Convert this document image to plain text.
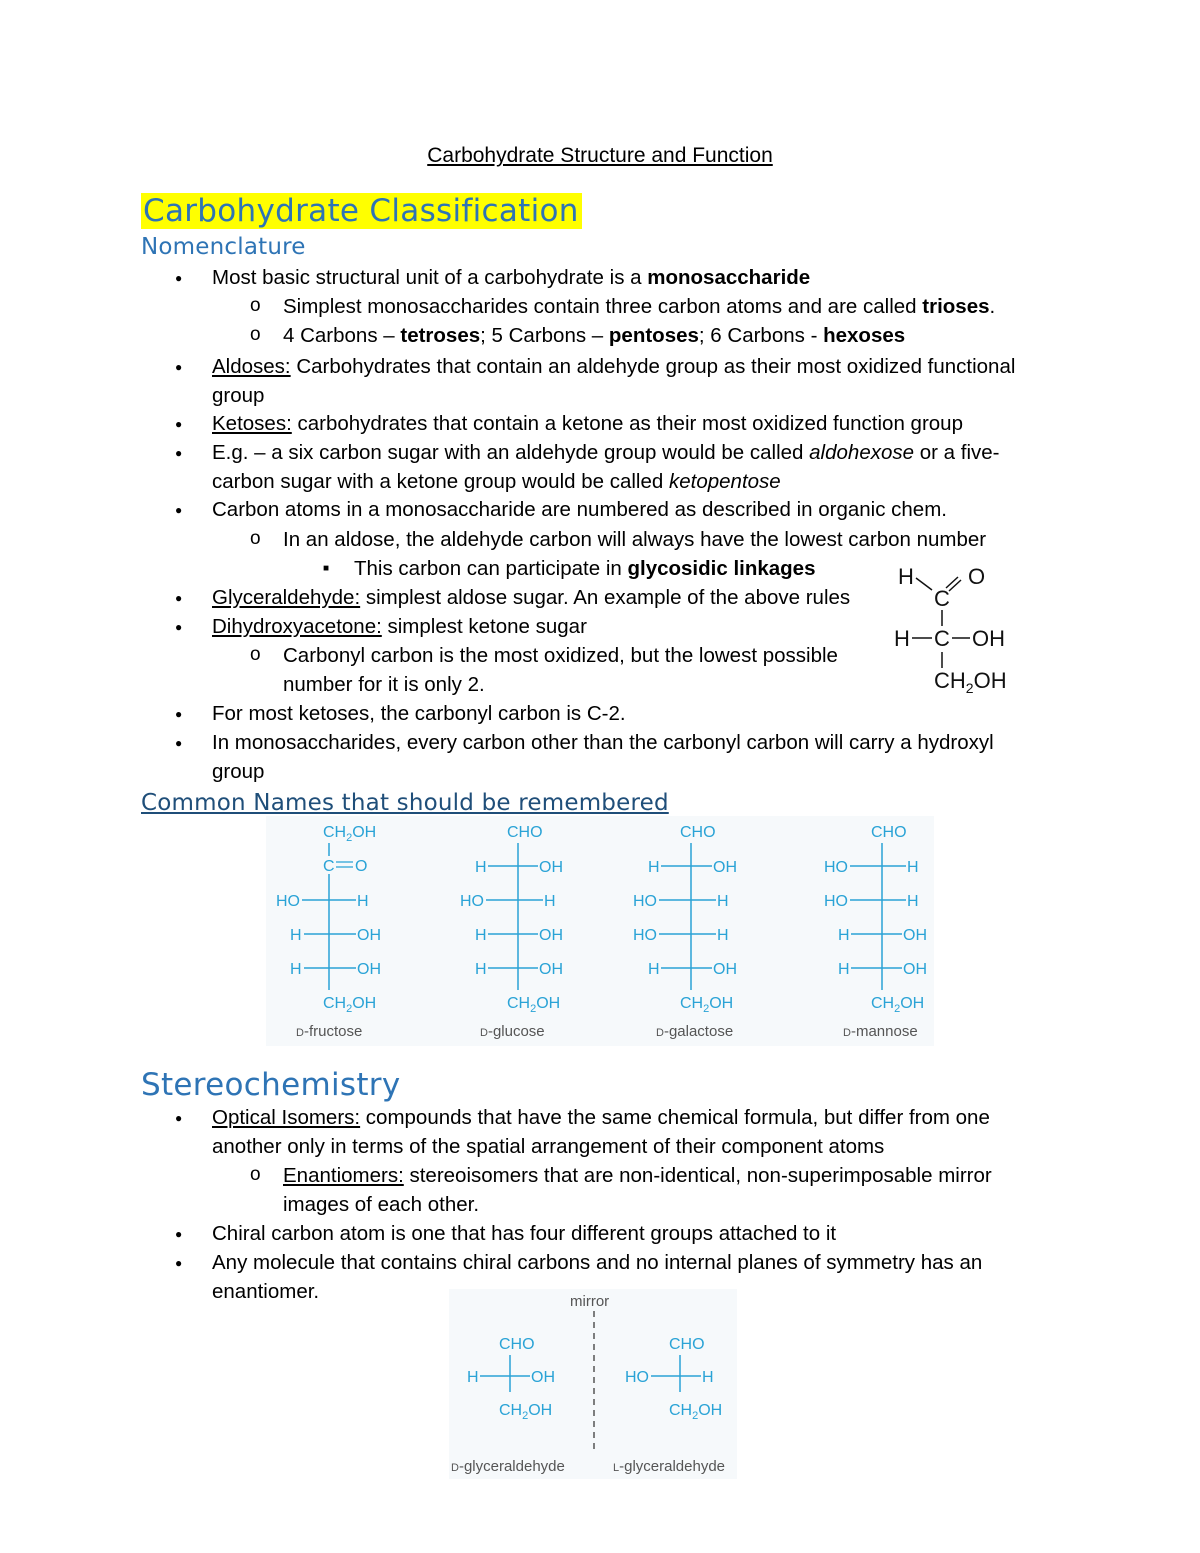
Carbohydrate Structure and Function
Carbohydrate Classification
Nomenclature
● Most basic structural unit of a carbohydrate is a monosaccharide
o Simplest monosaccharides contain three carbon atoms and are called trioses.
o 4 Carbons – tetroses; 5 Carbons – pentoses; 6 Carbons - hexoses
● Aldoses: Carbohydrates that contain an aldehyde group as their most oxidized functional
group
● Ketoses: carbohydrates that contain a ketone as their most oxidized function group
● E.g. – a six carbon sugar with an aldehyde group would be called aldohexose or a five-
carbon sugar with a ketone group would be called ketopentose
● Carbon atoms in a monosaccharide are numbered as described in organic chem.
o In an aldose, the aldehyde carbon will always have the lowest carbon number
■ This carbon can participate in glycosidic linkages
● Glyceraldehyde: simplest aldose sugar. An example of the above rules
● Dihydroxyacetone: simplest ketone sugar
o Carbonyl carbon is the most oxidized, but the lowest possible
number for it is only 2.
● For most ketoses, the carbonyl carbon is C-2.
● In monosaccharides, every carbon other than the carbonyl carbon will carry a hydroxyl
group
H O
C
H C OH
$CH_2OH$
Common Names that should be remembered
$CH_2OH$
C O
HO	H
H	OH
H	OH
$CH_2OH$
D-fructose
CHO
H	OH
HO	H
H	OH
H	OH
$CH_2OH$
D-glucose
CHO
H	OH
HO	H
HO	H
H	OH
$CH_2OH$
D-galactose
CHO
HO	H
HO	H
H	OH
H	OH
$CH_2OH$
D-mannose
Stereochemistry
● Optical Isomers: compounds that have the same chemical formula, but differ from one
another only in terms of the spatial arrangement of their component atoms
o Enantiomers: stereoisomers that are non-identical, non-superimposable mirror
images of each other.
● Chiral carbon atom is one that has four different groups attached to it
● Any molecule that contains chiral carbons and no internal planes of symmetry has an
enantiomer.	mirror
CHO
H	OH
$CH_2OH$
CHO
HO	H
$CH_2OH$
D-glyceraldehyde	L-glyceraldehyde
